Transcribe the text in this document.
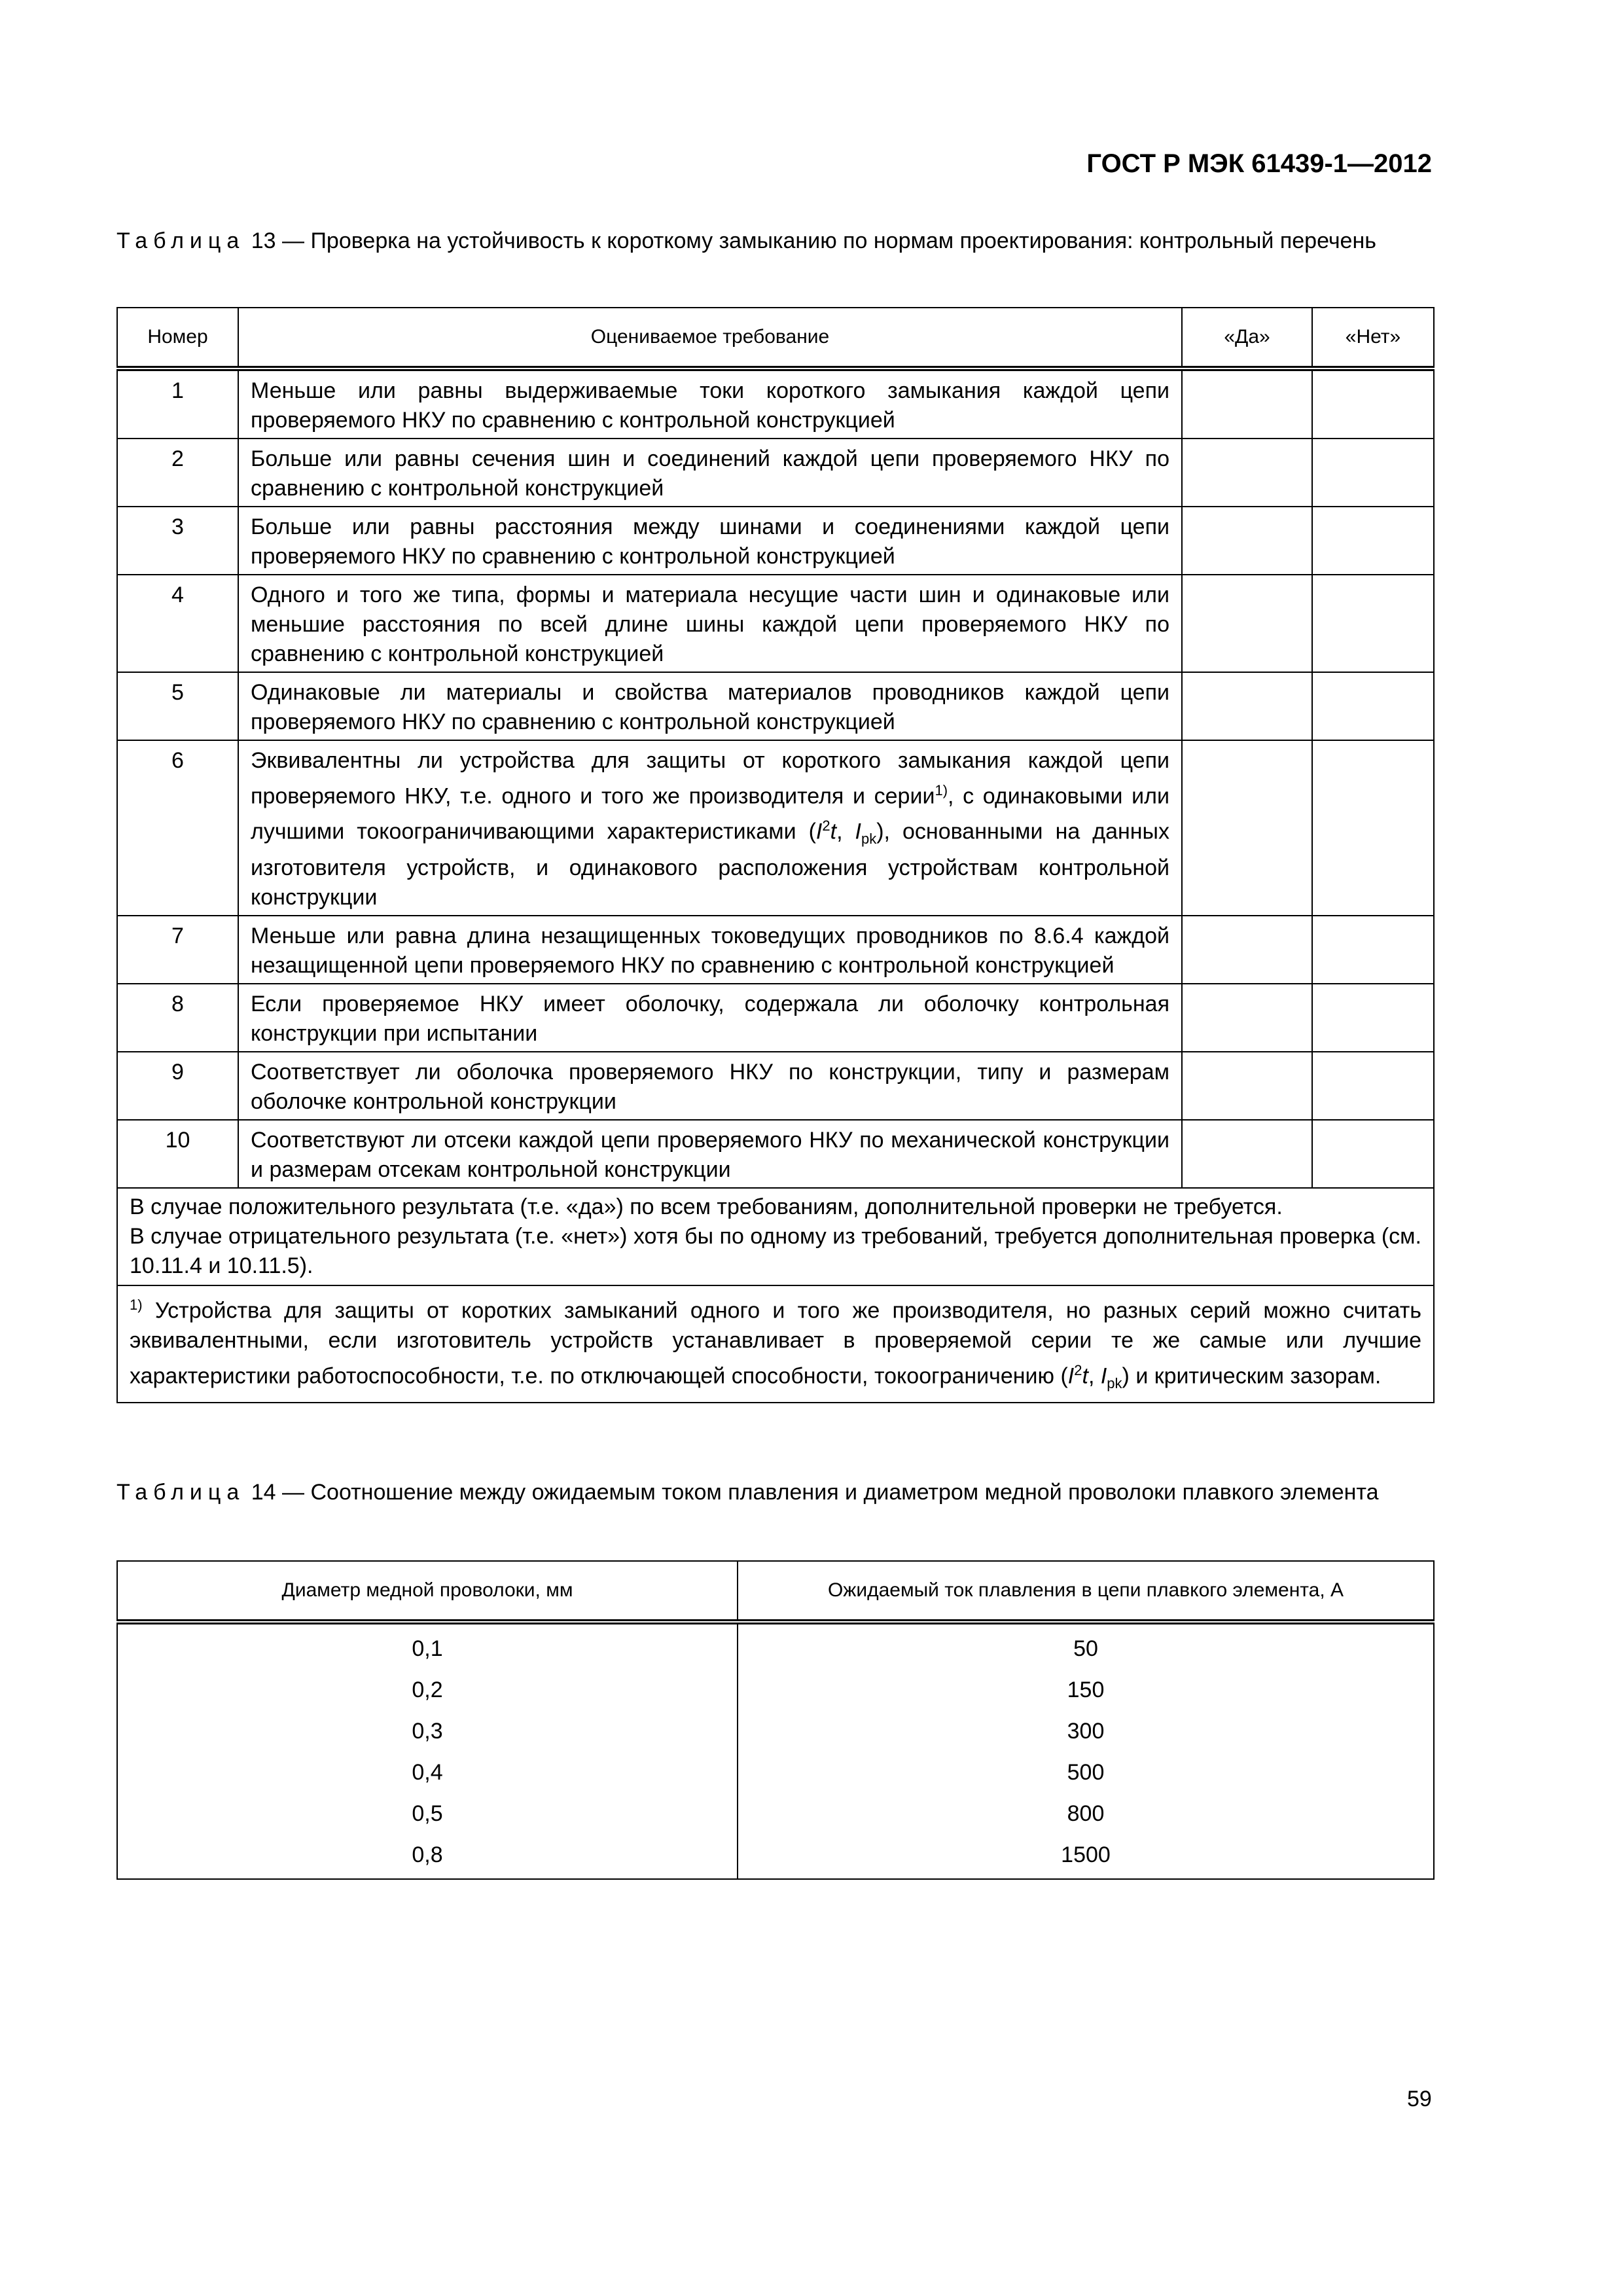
ГОСТ Р МЭК 61439-1—2012
Таблица 13 — Проверка на устойчивость к короткому замыканию по нормам проектирования: контрольный перечень
Номер	Оцениваемое требование	«Да»	«Нет»
1	Меньше или равны выдерживаемые токи короткого замыкания каждой цепи проверяемого НКУ по сравнению с контрольной конструкцией		
2	Больше или равны сечения шин и соединений каждой цепи проверяемого НКУ по сравнению с контрольной конструкцией		
3	Больше или равны расстояния между шинами и соединениями каждой цепи проверяемого НКУ по сравнению с контрольной конструкцией		
4	Одного и того же типа, формы и материала несущие части шин и одинаковые или меньшие расстояния по всей длине шины каждой цепи проверяемого НКУ по сравнению с контрольной конструкцией		
5	Одинаковые ли материалы и свойства материалов проводников каждой цепи проверяемого НКУ по сравнению с контрольной конструкцией		
6	Эквивалентны ли устройства для защиты от короткого замыкания каждой цепи проверяемого НКУ, т.е. одного и того же производителя и серии$^{1)}$, с одинаковыми или лучшими токоограничивающими характеристиками ($I^2t$, $I_{pk}$), основанными на данных изготовителя устройств, и одинакового расположения устройствам контрольной конструкции		
7	Меньше или равна длина незащищенных токоведущих проводников по 8.6.4 каждой незащищенной цепи проверяемого НКУ по сравнению с контрольной конструкцией		
8	Если проверяемое НКУ имеет оболочку, содержала ли оболочку контрольная конструкции при испытании		
9	Соответствует ли оболочка проверяемого НКУ по конструкции, типу и размерам оболочке контрольной конструкции		
10	Соответствуют ли отсеки каждой цепи проверяемого НКУ по механической конструкции и размерам отсекам контрольной конструкции		

В случае положительного результата (т.е. «да») по всем требованиям, дополнительной проверки не требуется.
В случае отрицательного результата (т.е. «нет») хотя бы по одному из требований, требуется дополнительная проверка (см. 10.11.4 и 10.11.5).			

$^{1)}$ Устройства для защиты от коротких замыканий одного и того же производителя, но разных серий можно считать эквивалентными, если изготовитель устройств устанавливает в проверяемой серии те же самые или лучшие характеристики работоспособности, т.е. по отключающей способности, токоограничению ($I^2t$, $I_{pk}$) и критическим зазорам.			
Таблица 14 — Соотношение между ожидаемым током плавления и диаметром медной проволоки плавкого элемента
Диаметр медной проволоки, мм	Ожидаемый ток плавления в цепи плавкого элемента, А
0,1	50
0,2	150
0,3	300
0,4	500
0,5	800
0,8	1500
59
